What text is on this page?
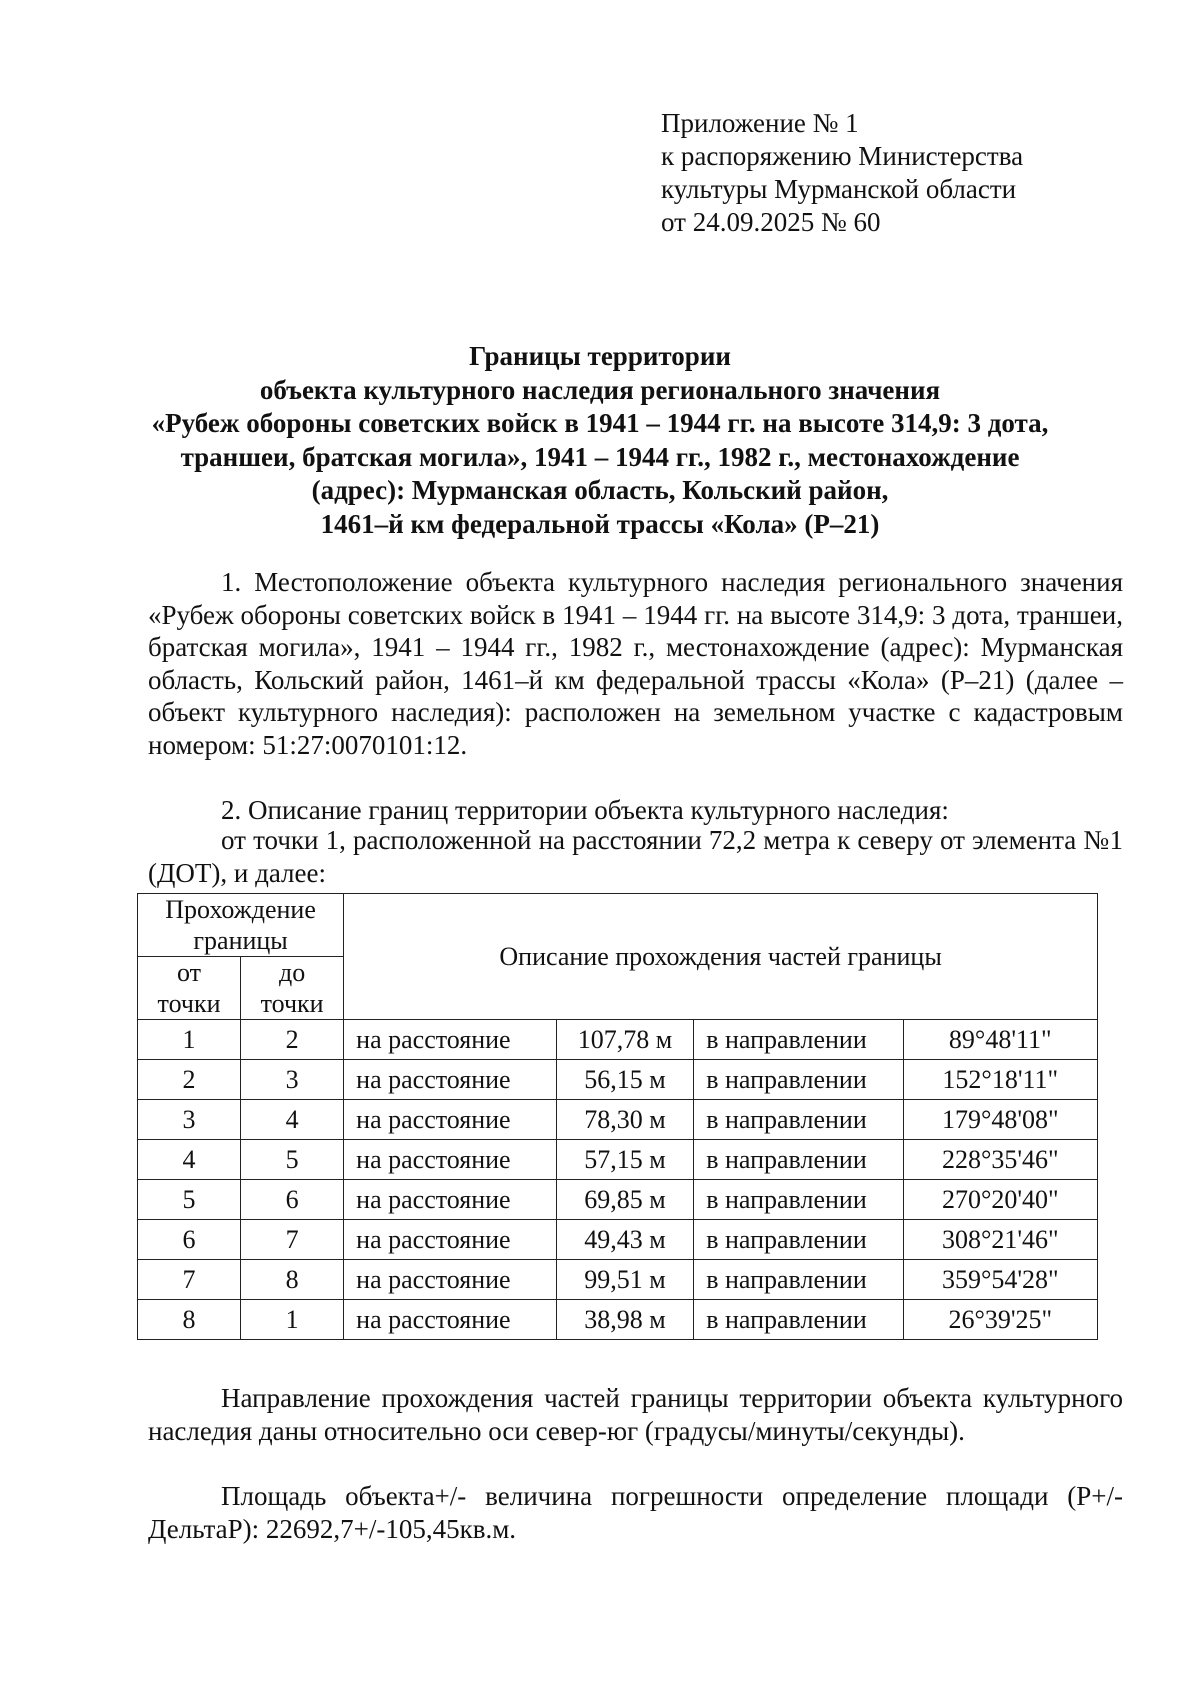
Приложение № 1
к распоряжению Министерства
культуры Мурманской области
от 24.09.2025 № 60
Границы территории
объекта культурного наследия регионального значения
«Рубеж обороны советских войск в 1941 – 1944 гг. на высоте 314,9: 3 дота,
траншеи, братская могила», 1941 – 1944 гг., 1982 г., местонахождение
(адрес): Мурманская область, Кольский район,
1461–й км федеральной трассы «Кола» (Р–21)
1. Местоположение объекта культурного наследия регионального значения «Рубеж обороны советских войск в 1941 – 1944 гг. на высоте 314,9: 3 дота, траншеи, братская могила», 1941 – 1944 гг., 1982 г., местонахождение (адрес): Мурманская область, Кольский район, 1461–й км федеральной трассы «Кола» (Р–21) (далее – объект культурного наследия): расположен на земельном участке с кадастровым номером: 51:27:0070101:12.
2. Описание границ территории объекта культурного наследия:
от точки 1, расположенной на расстоянии 72,2 метра к северу от элемента №1 (ДОТ), и далее:
Прохождение границы		Описание прохождения частей границы			
от точки	до точки				
1	2	на расстояние	107,78 м	в направлении	89°48'11"
2	3	на расстояние	56,15 м	в направлении	152°18'11"
3	4	на расстояние	78,30 м	в направлении	179°48'08"
4	5	на расстояние	57,15 м	в направлении	228°35'46"
5	6	на расстояние	69,85 м	в направлении	270°20'40"
6	7	на расстояние	49,43 м	в направлении	308°21'46"
7	8	на расстояние	99,51 м	в направлении	359°54'28"
8	1	на расстояние	38,98 м	в направлении	26°39'25"
Направление прохождения частей границы территории объекта культурного наследия даны относительно оси север-юг (градусы/минуты/секунды).
Площадь объекта+/- величина погрешности определение площади (Р+/-ДельтаР): 22692,7+/-105,45кв.м.
